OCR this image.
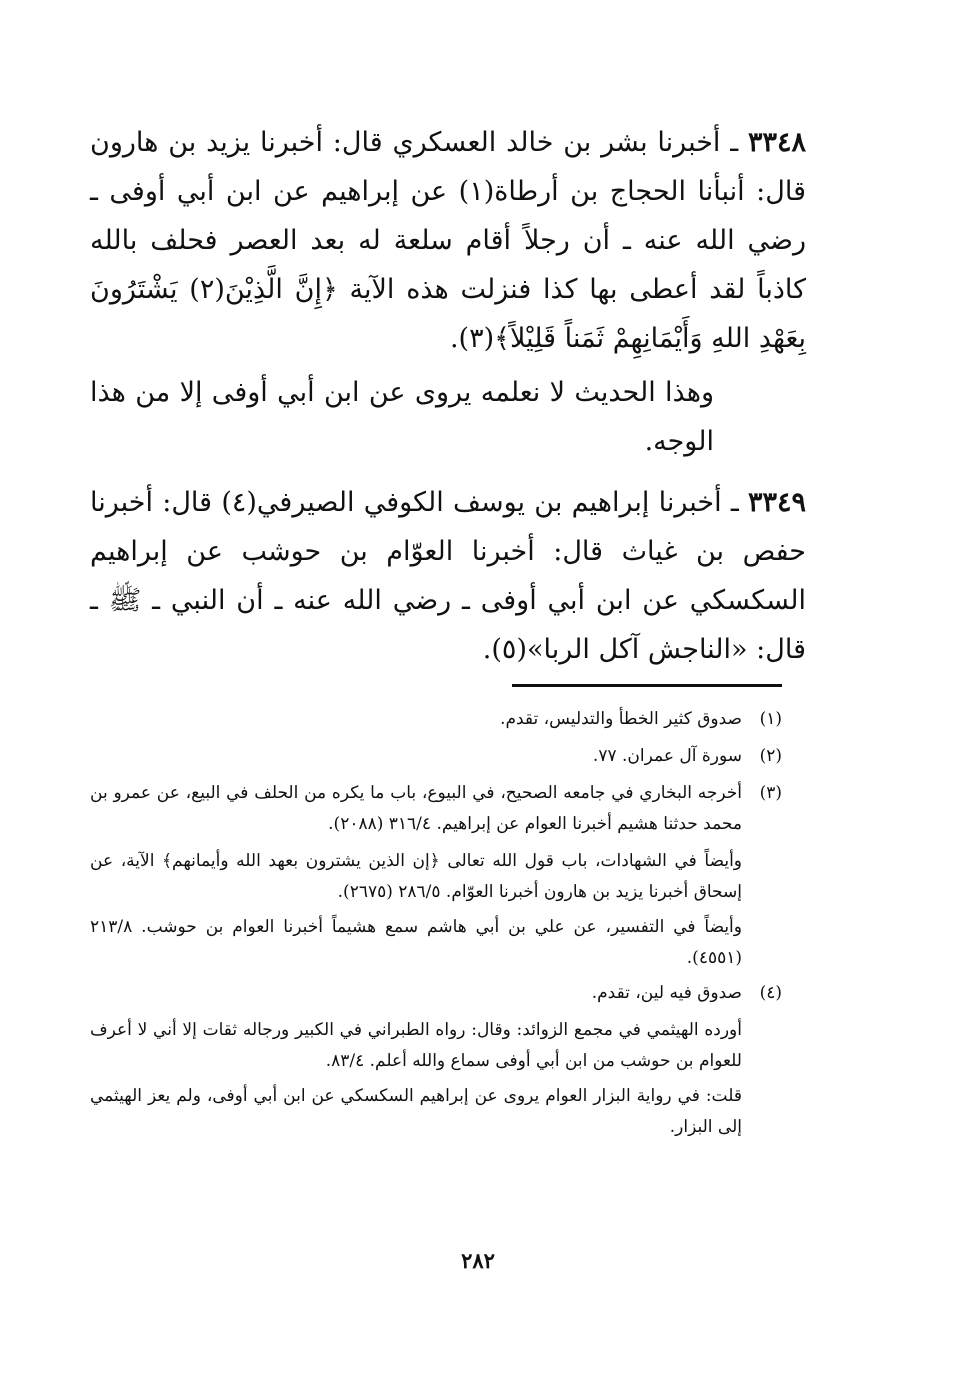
٣٣٤٨ ـ أخبرنا بشر بن خالد العسكري قال: أخبرنا يزيد بن هارون قال: أنبأنا الحجاج بن أرطاة(١) عن إبراهيم عن ابن أبي أوفى ـ رضي الله عنه ـ أن رجلاً أقام سلعة له بعد العصر فحلف بالله كاذباً لقد أعطى بها كذا فنزلت هذه الآية ﴿إِنَّ الَّذِيْنَ(٢) يَشْتَرُونَ بِعَهْدِ اللهِ وَأَيْمَانِهِمْ ثَمَناً قَلِيْلاً﴾(٣).

وهذا الحديث لا نعلمه يروى عن ابن أبي أوفى إلا من هذا الوجه.

٣٣٤٩ ـ أخبرنا إبراهيم بن يوسف الكوفي الصيرفي(٤) قال: أخبرنا حفص بن غياث قال: أخبرنا العوّام بن حوشب عن إبراهيم السكسكي عن ابن أبي أوفى ـ رضي الله عنه ـ أن النبي ـ ﷺ ـ قال: «الناجش آكل الربا»(٥).

(١)
صدوق كثير الخطأ والتدليس، تقدم.
(٢)
سورة آل عمران. ٧٧.
(٣)
أخرجه البخاري في جامعه الصحيح، في البيوع، باب ما يكره من الحلف في البيع، عن عمرو بن محمد حدثنا هشيم أخبرنا العوام عن إبراهيم. ٣١٦/٤ (٢٠٨٨).

وأيضاً في الشهادات، باب قول الله تعالى ﴿إن الذين يشترون بعهد الله وأيمانهم﴾ الآية، عن إسحاق أخبرنا يزيد بن هارون أخبرنا العوّام. ٢٨٦/٥ (٢٦٧٥).

وأيضاً في التفسير، عن علي بن أبي هاشم سمع هشيماً أخبرنا العوام بن حوشب. ٢١٣/٨ (٤٥٥١).

(٤)
صدوق فيه لين، تقدم.

أورده الهيثمي في مجمع الزوائد: وقال: رواه الطبراني في الكبير ورجاله ثقات إلا أني لا أعرف للعوام بن حوشب من ابن أبي أوفى سماع والله أعلم. ٨٣/٤.

قلت: في رواية البزار العوام يروى عن إبراهيم السكسكي عن ابن أبي أوفى، ولم يعز الهيثمي إلى البزار.

٢٨٢
